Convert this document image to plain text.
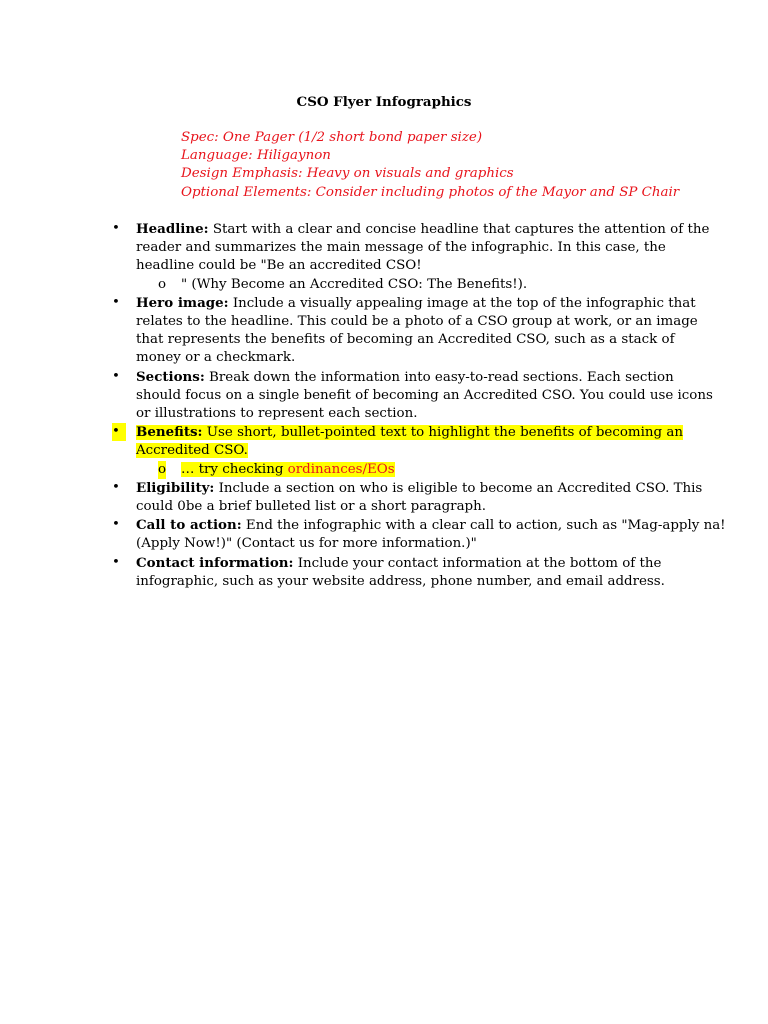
CSO Flyer Infographics
Spec: One Pager (1/2 short bond paper size)
Language: Hiligaynon
Design Emphasis: Heavy on visuals and graphics
Optional Elements: Consider including photos of the Mayor and SP Chair
•	Headline: Start with a clear and concise headline that captures the attention of the
reader and summarizes the main message of the infographic. In this case, the
headline could be "Be an accredited CSO!
o " (Why Become an Accredited CSO: The Benefits!).
•	Hero image: Include a visually appealing image at the top of the infographic that
relates to the headline. This could be a photo of a CSO group at work, or an image
that represents the benefits of becoming an Accredited CSO, such as a stack of
money or a checkmark.
•	Sections: Break down the information into easy-to-read sections. Each section
should focus on a single benefit of becoming an Accredited CSO. You could use icons
or illustrations to represent each section.
•	Benefits: Use short, bullet-pointed text to highlight the benefits of becoming an
Accredited CSO.
o … try checking ordinances/EOs
•	Eligibility: Include a section on who is eligible to become an Accredited CSO. This
could 0be a brief bulleted list or a short paragraph.
•	Call to action: End the infographic with a clear call to action, such as "Mag-apply na!
(Apply Now!)" (Contact us for more information.)"
•	Contact information: Include your contact information at the bottom of the
infographic, such as your website address, phone number, and email address.
